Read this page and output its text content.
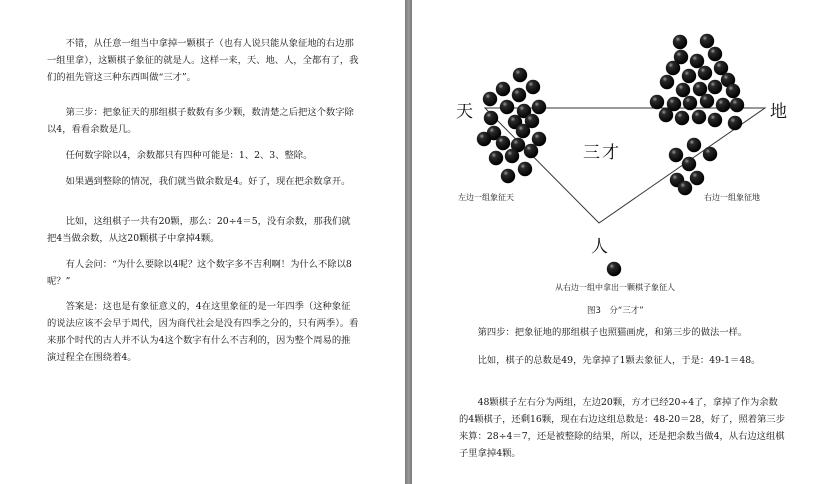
　　不错，从任意一组当中拿掉一颗棋子（也有人说只能从象征地的右边那一组里拿），这颗棋子象征的就是人。这样一来，天、地、人，全都有了，我们的祖先管这三种东西叫做“三才”。

　　第三步：把象征天的那组棋子数数有多少颗，数清楚之后把这个数字除以4，看看余数是几。

　　任何数字除以4，余数都只有四种可能是：1、2、3、整除。

　　如果遇到整除的情况，我们就当做余数是4。好了，现在把余数拿开。

　　比如，这组棋子一共有20颗，那么：20÷4＝5，没有余数，那我们就把4当做余数，从这20颗棋子中拿掉4颗。

　　有人会问：“为什么要除以4呢？这个数字多不吉利啊！为什么不除以8呢？”

　　答案是：这也是有象征意义的，4在这里象征的是一年四季（这种象征的说法应该不会早于周代，因为商代社会是没有四季之分的，只有两季）。看来那个时代的古人并不认为4这个数字有什么不吉利的，因为整个周易的推演过程全在围绕着4。

天	地
三才
人
左边一组象征天	右边一组象征地
从右边一组中拿出一颗棋子象征人
图3　分“三才”

　　第四步：把象征地的那组棋子也照猫画虎，和第三步的做法一样。

　　比如，棋子的总数是49，先拿掉了1颗去象征人，于是：49-1＝48。

　　48颗棋子左右分为两组，左边20颗，方才已经20÷4了，拿掉了作为余数的4颗棋子，还剩16颗，现在右边这组总数是：48-20＝28，好了，照着第三步来算：28÷4＝7，还是被整除的结果，所以，还是把余数当做4，从右边这组棋子里拿掉4颗。
